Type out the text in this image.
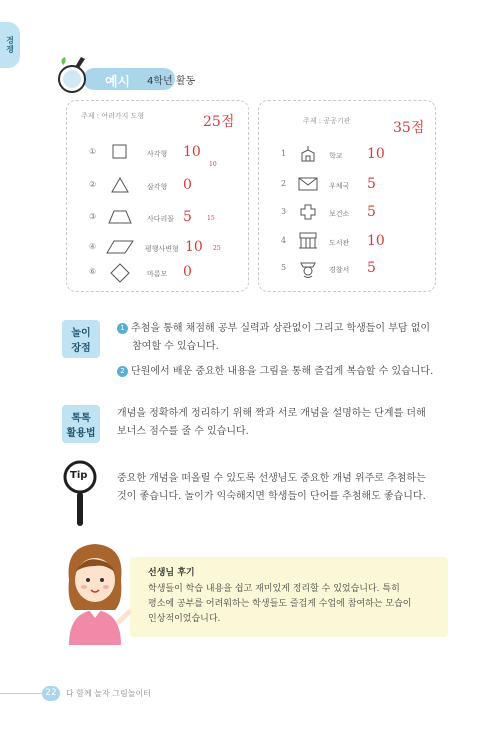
경쟁
예시 4학년 활동
주제 : 여러가지 도형	25점
①	사각형 10
10
②	삼각형 0
③	사다리꼴 5	15
④	평행사변형 10 25
⑥	마름모 0
주제 : 공공기관	35점
1	학교 10
2	우체국 5
3	보건소 5
4	도서관 10
5	경찰서 5
놀이
장점
1 추첨을 통해 채점해 공부 실력과 상관없이 그리고 학생들이 부담 없이
참여할 수 있습니다.
2 단원에서 배운 중요한 내용을 그림을 통해 즐겁게 복습할 수 있습니다.
톡톡
활용법
개념을 정확하게 정리하기 위해 짝과 서로 개념을 설명하는 단계를 더해
보너스 점수를 줄 수 있습니다.
Tip	중요한 개념을 떠올릴 수 있도록 선생님도 중요한 개념 위주로 추첨하는
것이 좋습니다. 놀이가 익숙해지면 학생들이 단어를 추첨해도 좋습니다.
선생님 후기
학생들이 학습 내용을 쉽고 재미있게 정리할 수 있었습니다. 특히
평소에 공부를 어려워하는 학생들도 즐겁게 수업에 참여하는 모습이
인상적이었습니다.
22	다 함께 놀자 그림놀이터
